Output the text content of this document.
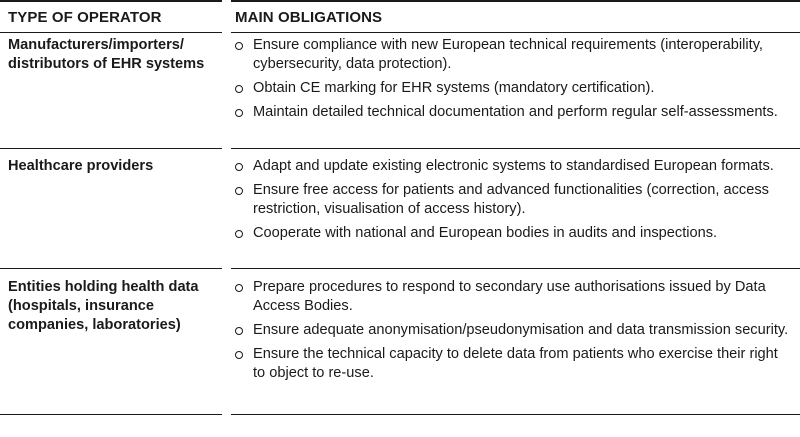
TYPE OF OPERATOR	MAIN OBLIGATIONS
Manufacturers/importers/ distributors of EHR systems
Ensure compliance with new European technical requirements (interoperability, cybersecurity, data protection).
Obtain CE marking for EHR systems (mandatory certification).
Maintain detailed technical documentation and perform regular self-assessments.
Healthcare providers	Adapt and update existing electronic systems to standardised European formats.
Ensure free access for patients and advanced functionalities (correction, access restriction, visualisation of access history).
Cooperate with national and European bodies in audits and inspections.
Entities holding health data (hospitals, insurance companies, laboratories)
Prepare procedures to respond to secondary use authorisations issued by Data Access Bodies.
Ensure adequate anonymisation/pseudonymisation and data transmission security.
Ensure the technical capacity to delete data from patients who exercise their right to object to re-use.
